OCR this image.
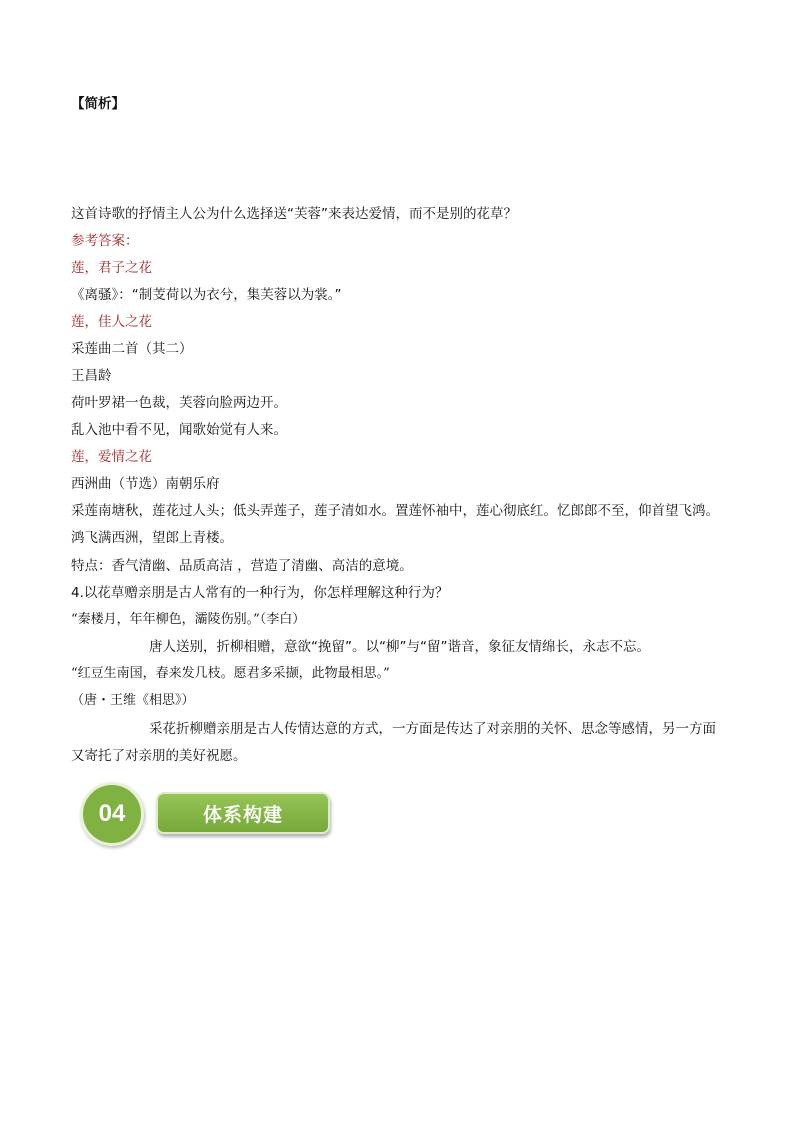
【简析】
这首诗歌的抒情主人公为什么选择送“芙蓉”来表达爱情，而不是别的花草？
参考答案：
莲，君子之花
《离骚》：“制芰荷以为衣兮，集芙蓉以为裳。”
莲，佳人之花
采莲曲二首（其二）
王昌龄
荷叶罗裙一色裁，芙蓉向脸两边开。
乱入池中看不见，闻歌始觉有人来。
莲，爱情之花
西洲曲（节选）南朝乐府
采莲南塘秋，莲花过人头；低头弄莲子，莲子清如水。置莲怀袖中，莲心彻底红。忆郎郎不至，仰首望飞鸿。鸿飞满西洲，望郎上青楼。
特点：香气清幽、品质高洁 ，营造了清幽、高洁的意境。
4.以花草赠亲朋是古人常有的一种行为，你怎样理解这种行为？
“秦楼月，年年柳色，灞陵伤别。”（李白）
唐人送别，折柳相赠，意欲“挽留”。以“柳”与“留”谐音，象征友情绵长，永志不忘。
“红豆生南国，春来发几枝。愿君多采撷，此物最相思。”
（唐・王维《相思》）
采花折柳赠亲朋是古人传情达意的方式，一方面是传达了对亲朋的关怀、思念等感情，另一方面又寄托了对亲朋的美好祝愿。
04	体系构建
